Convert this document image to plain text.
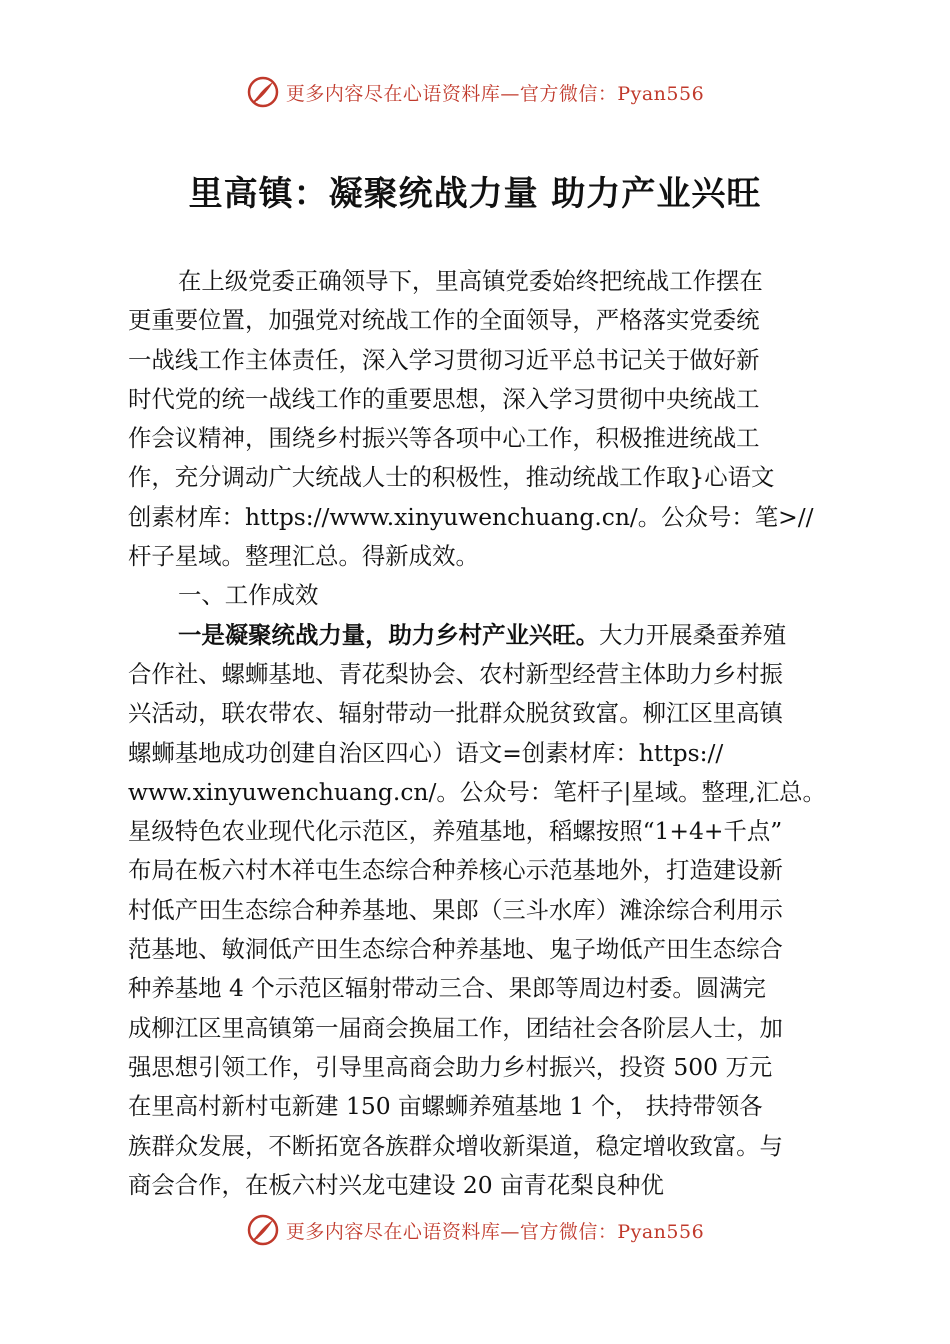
更多内容尽在心语资料库—官方微信：Pyan556
里高镇：凝聚统战力量 助力产业兴旺
在上级党委正确领导下，里高镇党委始终把统战工作摆在
更重要位置，加强党对统战工作的全面领导，严格落实党委统
一战线工作主体责任，深入学习贯彻习近平总书记关于做好新
时代党的统一战线工作的重要思想，深入学习贯彻中央统战工
作会议精神，围绕乡村振兴等各项中心工作，积极推进统战工
作，充分调动广大统战人士的积极性，推动统战工作取}心语文
创素材库：https://www.xinyuwenchuang.cn/。公众号：笔>//
杆子星域。整理汇总。得新成效。
一、工作成效
一是凝聚统战力量，助力乡村产业兴旺。大力开展桑蚕养殖
合作社、螺蛳基地、青花梨协会、农村新型经营主体助力乡村振
兴活动，联农带农、辐射带动一批群众脱贫致富。柳江区里高镇
螺蛳基地成功创建自治区四心）语文=创素材库：https://
www.xinyuwenchuang.cn/。公众号：笔杆子|星域。整理,汇总。
星级特色农业现代化示范区，养殖基地，稻螺按照“1+4+千点”
布局在板六村木祥屯生态综合种养核心示范基地外，打造建设新
村低产田生态综合种养基地、果郎（三斗水库）滩涂综合利用示
范基地、敏洞低产田生态综合种养基地、鬼子坳低产田生态综合
种养基地 4 个示范区辐射带动三合、果郎等周边村委。圆满完
成柳江区里高镇第一届商会换届工作，团结社会各阶层人士，加
强思想引领工作，引导里高商会助力乡村振兴，投资 500 万元
在里高村新村屯新建 150 亩螺蛳养殖基地 1 个， 扶持带领各
族群众发展，不断拓宽各族群众增收新渠道，稳定增收致富。与
商会合作，在板六村兴龙屯建设 20 亩青花梨良种优
更多内容尽在心语资料库—官方微信：Pyan556
